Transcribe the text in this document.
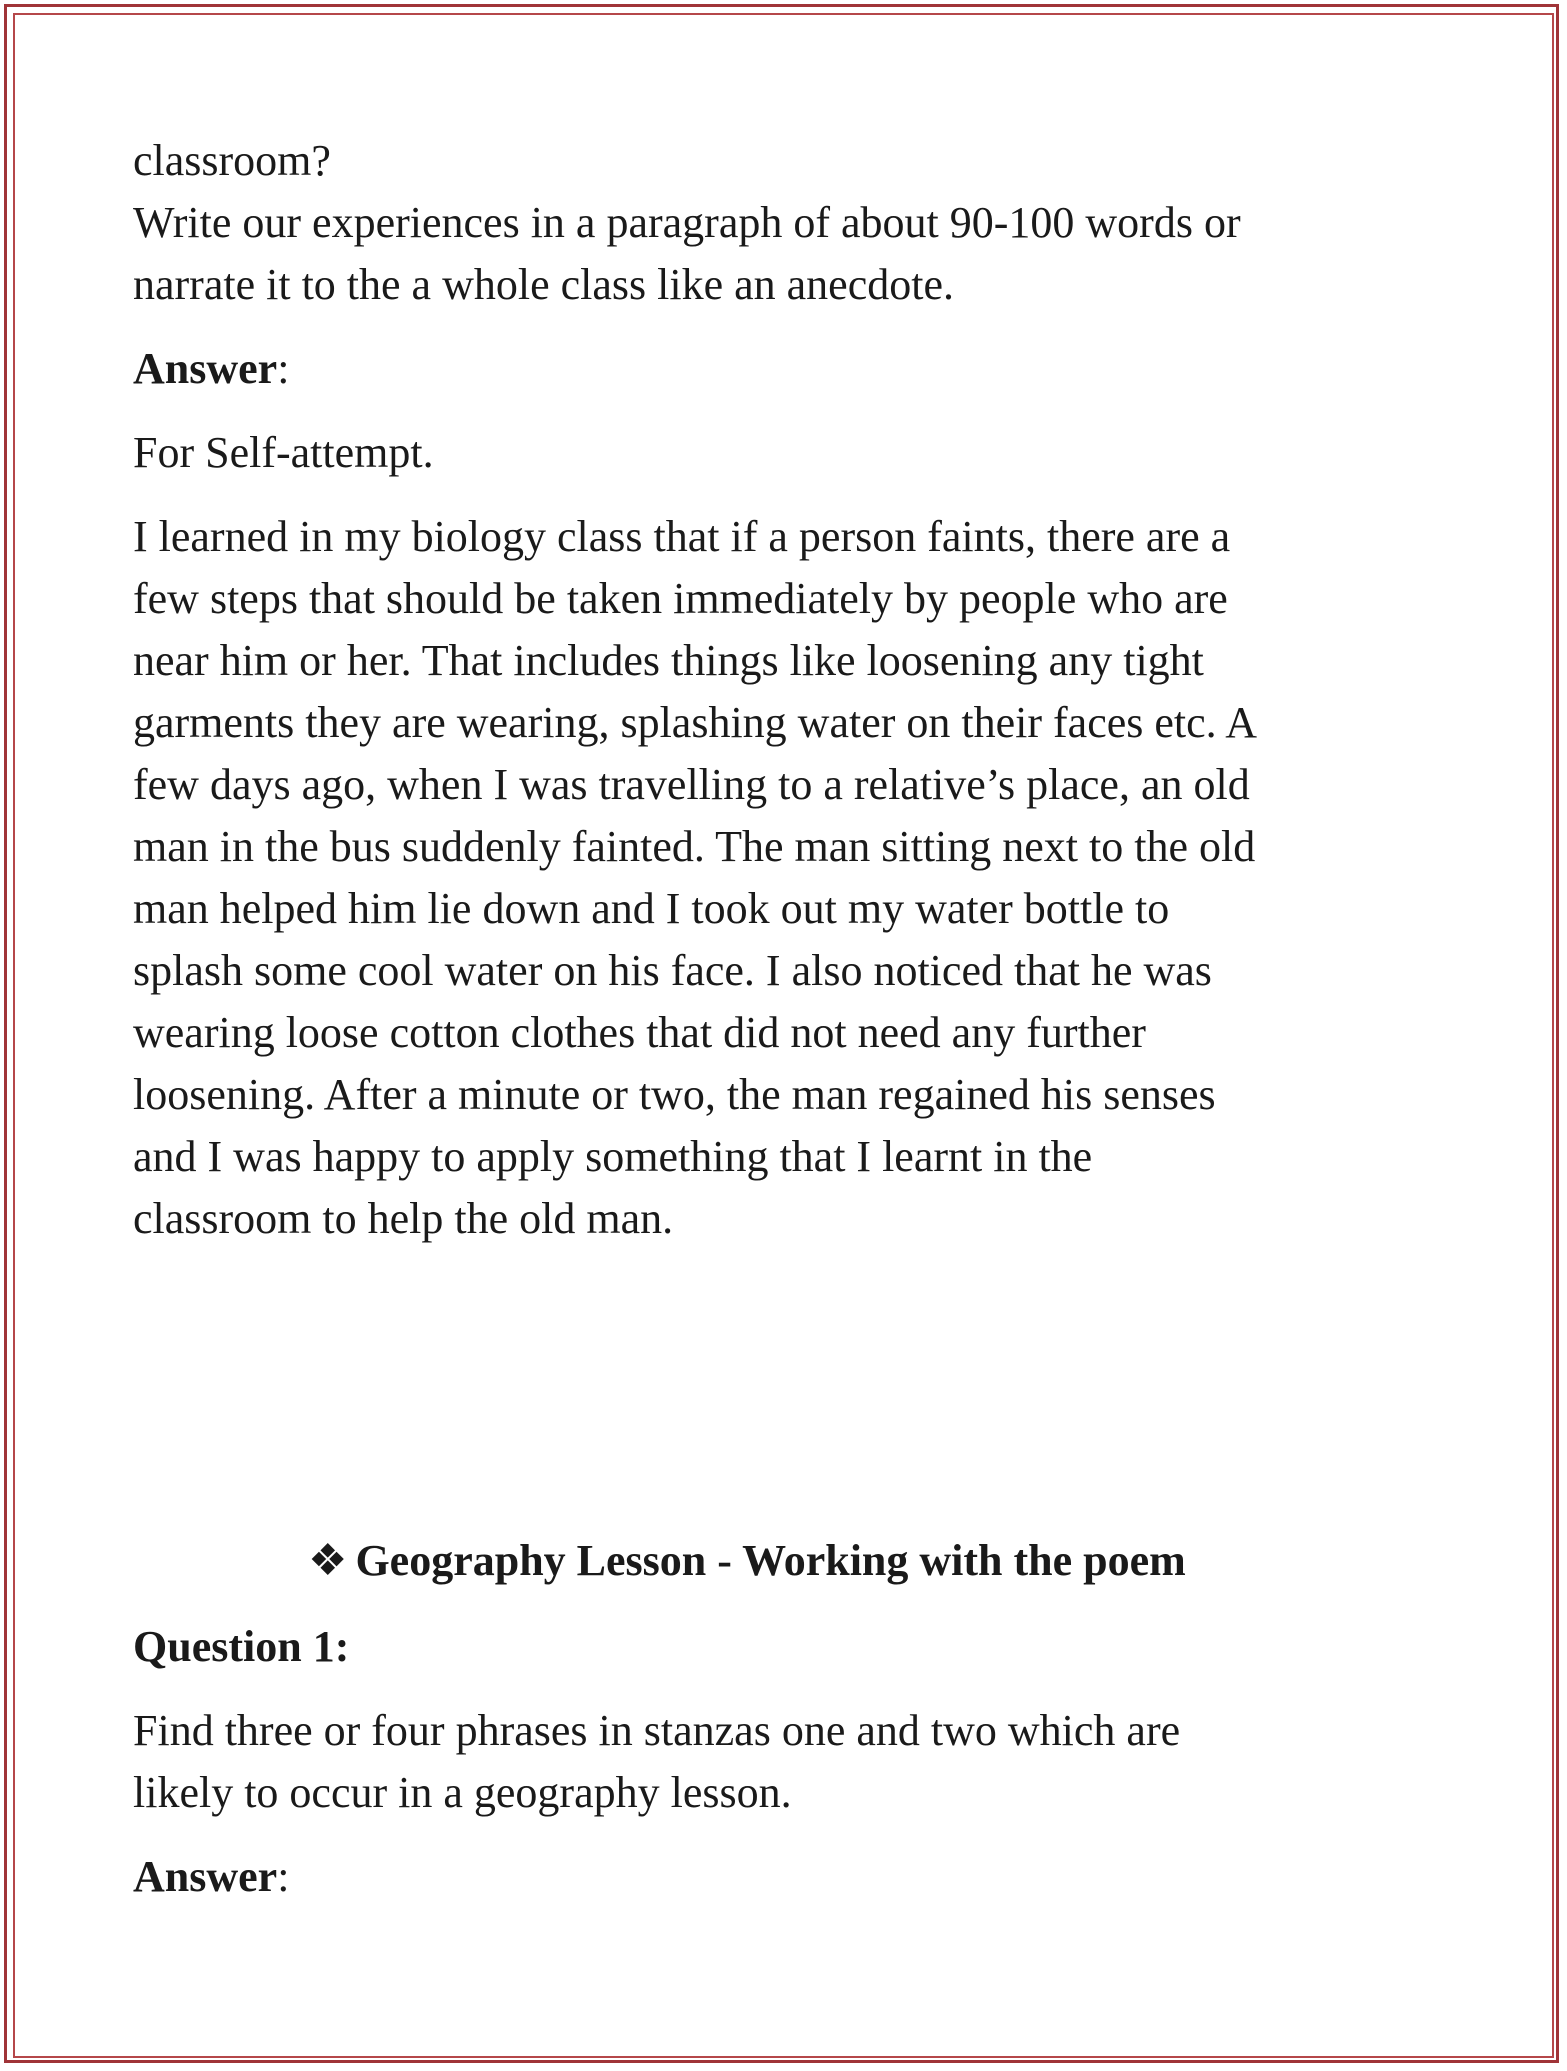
classroom?
Write our experiences in a paragraph of about 90-100 words or
narrate it to the a whole class like an anecdote.

Answer:

For Self-attempt.

I learned in my biology class that if a person faints, there are a
few steps that should be taken immediately by people who are
near him or her. That includes things like loosening any tight
garments they are wearing, splashing water on their faces etc. A
few days ago, when I was travelling to a relative’s place, an old
man in the bus suddenly fainted. The man sitting next to the old
man helped him lie down and I took out my water bottle to
splash some cool water on his face. I also noticed that he was
wearing loose cotton clothes that did not need any further
loosening. After a minute or two, the man regained his senses
and I was happy to apply something that I learnt in the
classroom to help the old man.

❖ Geography Lesson - Working with the poem

Question 1:

Find three or four phrases in stanzas one and two which are
likely to occur in a geography lesson.

Answer:
